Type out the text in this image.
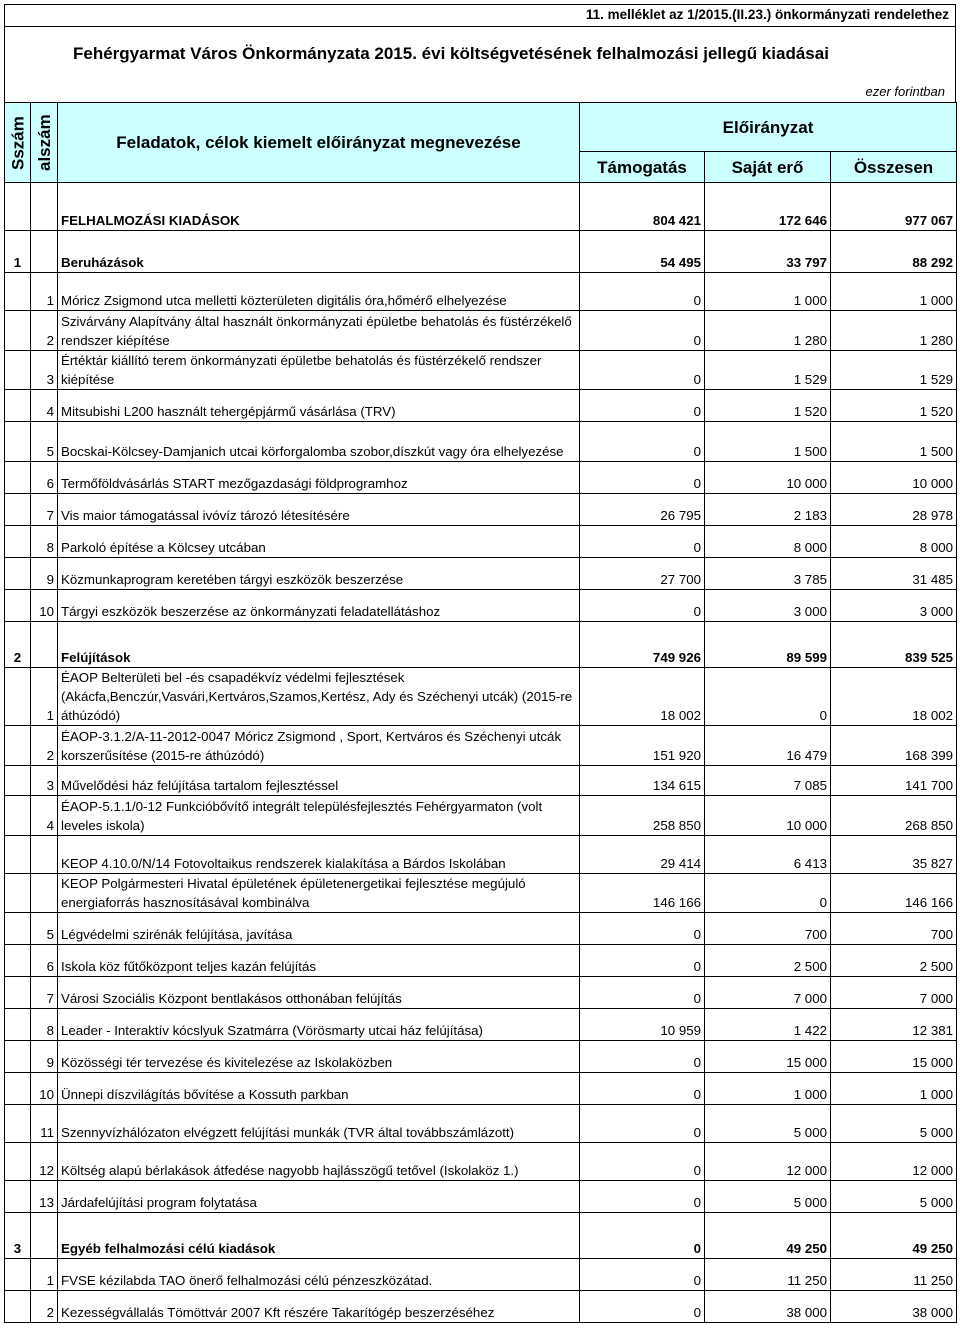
11. melléklet az 1/2015.(II.23.) önkormányzati rendelethez
Fehérgyarmat Város Önkormányzata 2015. évi költségvetésének felhalmozási jellegű kiadásai
ezer forintban
Sszám	alszám	Feladatok, célok kiemelt előirányzat megnevezése	Előirányzat		
			Támogatás	Saját erő	Összesen
		FELHALMOZÁSI KIADÁSOK	804 421	172 646	977 067
1		Beruházások	54 495	33 797	88 292
	1	Móricz Zsigmond utca melletti közterületen digitális óra,hőmérő elhelyezése	0	1 000	1 000
	2	Szivárvány Alapítvány által használt önkormányzati épületbe behatolás és füstérzékelő rendszer kiépítése	0	1 280	1 280
	3	Értéktár kiállító terem önkormányzati épületbe behatolás és füstérzékelő rendszer kiépítése	0	1 529	1 529
	4	Mitsubishi L200 használt tehergépjármű vásárlása (TRV)	0	1 520	1 520
	5	Bocskai-Kölcsey-Damjanich utcai körforgalomba szobor,díszkút vagy óra elhelyezése	0	1 500	1 500
	6	Termőföldvásárlás START mezőgazdasági földprogramhoz	0	10 000	10 000
	7	Vis maior támogatással ivóvíz tározó létesítésére	26 795	2 183	28 978
	8	Parkoló építése a Kölcsey utcában	0	8 000	8 000
	9	Közmunkaprogram keretében tárgyi eszközök beszerzése	27 700	3 785	31 485
	10	Tárgyi eszközök beszerzése az önkormányzati feladatellátáshoz	0	3 000	3 000
2		Felújítások	749 926	89 599	839 525
	1	ÉAOP Belterületi bel -és csapadékvíz védelmi fejlesztések (Akácfa,Benczúr,Vasvári,Kertváros,Szamos,Kertész, Ady és Széchenyi utcák) (2015-re áthúzódó)	18 002	0	18 002
	2	ÉAOP-3.1.2/A-11-2012-0047 Móricz Zsigmond , Sport, Kertváros és Széchenyi utcák korszerűsítése (2015-re áthúzódó)	151 920	16 479	168 399
	3	Művelődési ház felújítása tartalom fejlesztéssel	134 615	7 085	141 700
	4	ÉAOP-5.1.1/0-12 Funkcióbővítő integrált településfejlesztés Fehérgyarmaton (volt leveles iskola)	258 850	10 000	268 850
		KEOP 4.10.0/N/14 Fotovoltaikus rendszerek kialakítása a Bárdos Iskolában	29 414	6 413	35 827
		KEOP Polgármesteri Hivatal épületének épületenergetikai fejlesztése megújuló energiaforrás hasznosításával kombinálva	146 166	0	146 166
	5	Légvédelmi szirénák felújítása, javítása	0	700	700
	6	Iskola köz fűtőközpont teljes kazán felújítás	0	2 500	2 500
	7	Városi Szociális Központ bentlakásos otthonában felújítás	0	7 000	7 000
	8	Leader - Interaktív kócslyuk Szatmárra (Vörösmarty utcai ház felújítása)	10 959	1 422	12 381
	9	Közösségi tér tervezése és kivitelezése az Iskolaközben	0	15 000	15 000
	10	Ünnepi díszvilágítás bővítése a Kossuth parkban	0	1 000	1 000
	11	Szennyvízhálózaton elvégzett felújítási munkák (TVR által továbbszámlázott)	0	5 000	5 000
	12	Költség alapú bérlakások átfedése nagyobb hajlásszögű tetővel (Iskolaköz 1.)	0	12 000	12 000
	13	Járdafelújítási program folytatása	0	5 000	5 000
3		Egyéb felhalmozási célú kiadások	0	49 250	49 250
	1	FVSE kézilabda TAO önerő felhalmozási célú pénzeszközátad.	0	11 250	11 250
	2	Kezességvállalás Tömöttvár 2007 Kft részére Takarítógép beszerzéséhez	0	38 000	38 000
